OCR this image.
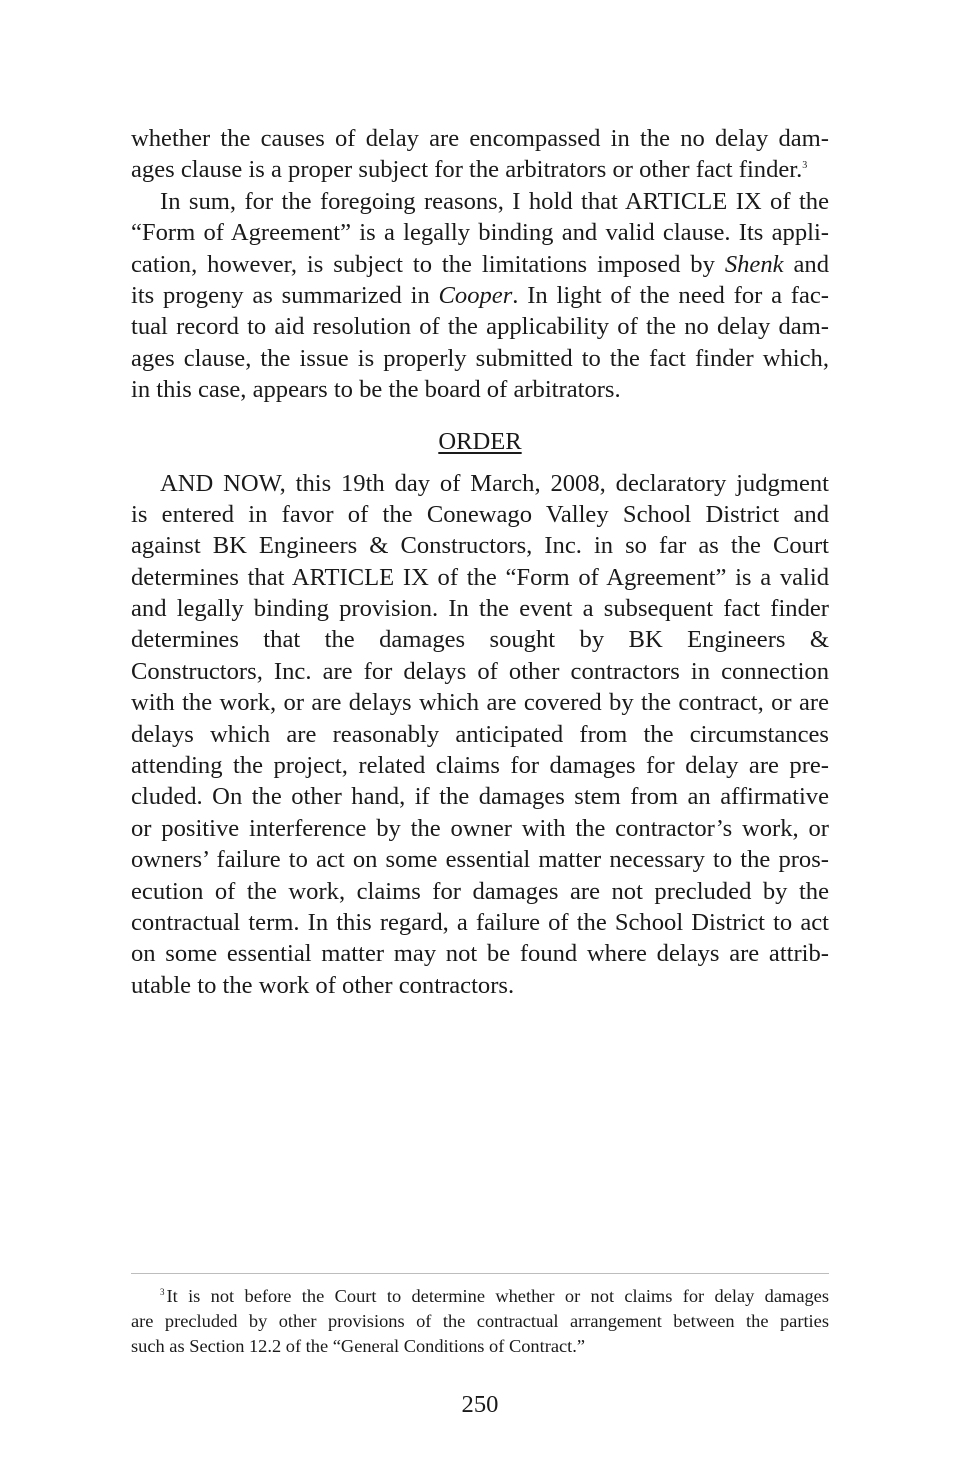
whether the causes of delay are encompassed in the no delay dam-
ages clause is a proper subject for the arbitrators or other fact finder.$^3$
In sum, for the foregoing reasons, I hold that ARTICLE IX of the
“Form of Agreement” is a legally binding and valid clause. Its appli-
cation, however, is subject to the limitations imposed by Shenk and
its progeny as summarized in Cooper. In light of the need for a fac-
tual record to aid resolution of the applicability of the no delay dam-
ages clause, the issue is properly submitted to the fact finder which,
in this case, appears to be the board of arbitrators.
ORDER
AND NOW, this 19th day of March, 2008, declaratory judgment
is entered in favor of the Conewago Valley School District and
against BK Engineers & Constructors, Inc. in so far as the Court
determines that ARTICLE IX of the “Form of Agreement” is a valid
and legally binding provision. In the event a subsequent fact finder
determines that the damages sought by BK Engineers &
Constructors, Inc. are for delays of other contractors in connection
with the work, or are delays which are covered by the contract, or are
delays which are reasonably anticipated from the circumstances
attending the project, related claims for damages for delay are pre-
cluded. On the other hand, if the damages stem from an affirmative
or positive interference by the owner with the contractor’s work, or
owners’ failure to act on some essential matter necessary to the pros-
ecution of the work, claims for damages are not precluded by the
contractual term. In this regard, a failure of the School District to act
on some essential matter may not be found where delays are attrib-
utable to the work of other contractors.
$^3$ It is not before the Court to determine whether or not claims for delay damages
are precluded by other provisions of the contractual arrangement between the parties
such as Section 12.2 of the “General Conditions of Contract.”
250
